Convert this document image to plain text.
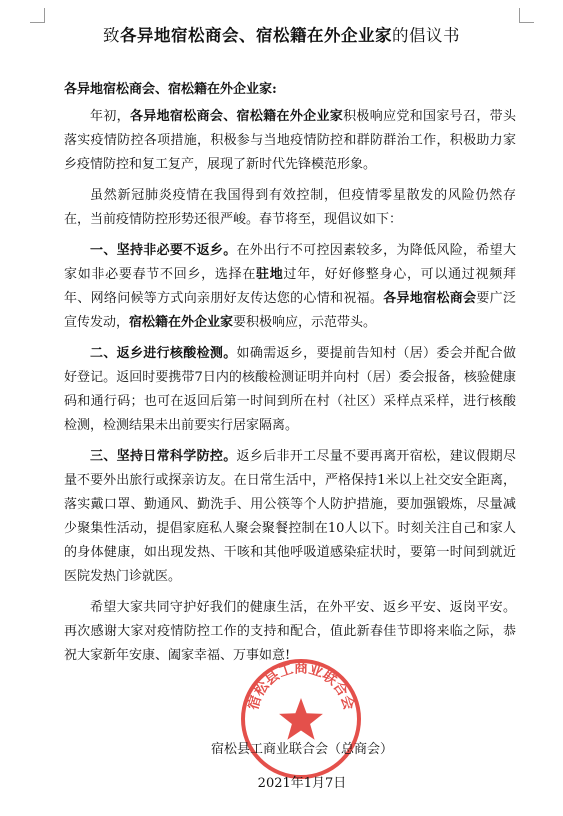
致各异地宿松商会、宿松籍在外企业家的倡议书
各异地宿松商会、宿松籍在外企业家:

年初，各异地宿松商会、宿松籍在外企业家积极响应党和国家号召，带头落实疫情防控各项措施，积极参与当地疫情防控和群防群治工作，积极助力家乡疫情防控和复工复产，展现了新时代先锋模范形象。

虽然新冠肺炎疫情在我国得到有效控制，但疫情零星散发的风险仍然存在，当前疫情防控形势还很严峻。春节将至，现倡议如下：

一、坚持非必要不返乡。在外出行不可控因素较多，为降低风险，希望大家如非必要春节不回乡，选择在驻地过年，好好修整身心，可以通过视频拜年、网络问候等方式向亲朋好友传达您的心情和祝福。各异地宿松商会要广泛宣传发动，宿松籍在外企业家要积极响应，示范带头。

二、返乡进行核酸检测。如确需返乡，要提前告知村（居）委会并配合做好登记。返回时要携带7日内的核酸检测证明并向村（居）委会报备，核验健康码和通行码；也可在返回后第一时间到所在村（社区）采样点采样，进行核酸检测，检测结果未出前要实行居家隔离。

三、坚持日常科学防控。返乡后非开工尽量不要再离开宿松，建议假期尽量不要外出旅行或探亲访友。在日常生活中，严格保持1米以上社交安全距离，落实戴口罩、勤通风、勤洗手、用公筷等个人防护措施，要加强锻炼，尽量减少聚集性活动，提倡家庭私人聚会聚餐控制在10人以下。时刻关注自己和家人的身体健康，如出现发热、干咳和其他呼吸道感染症状时，要第一时间到就近医院发热门诊就医。

希望大家共同守护好我们的健康生活，在外平安、返乡平安、返岗平安。再次感谢大家对疫情防控工作的支持和配合，值此新春佳节即将来临之际，恭祝大家新年安康、阖家幸福、万事如意!

宿松县工商业联合会
宿松县工商业联合会（总商会）
2021年1月7日
